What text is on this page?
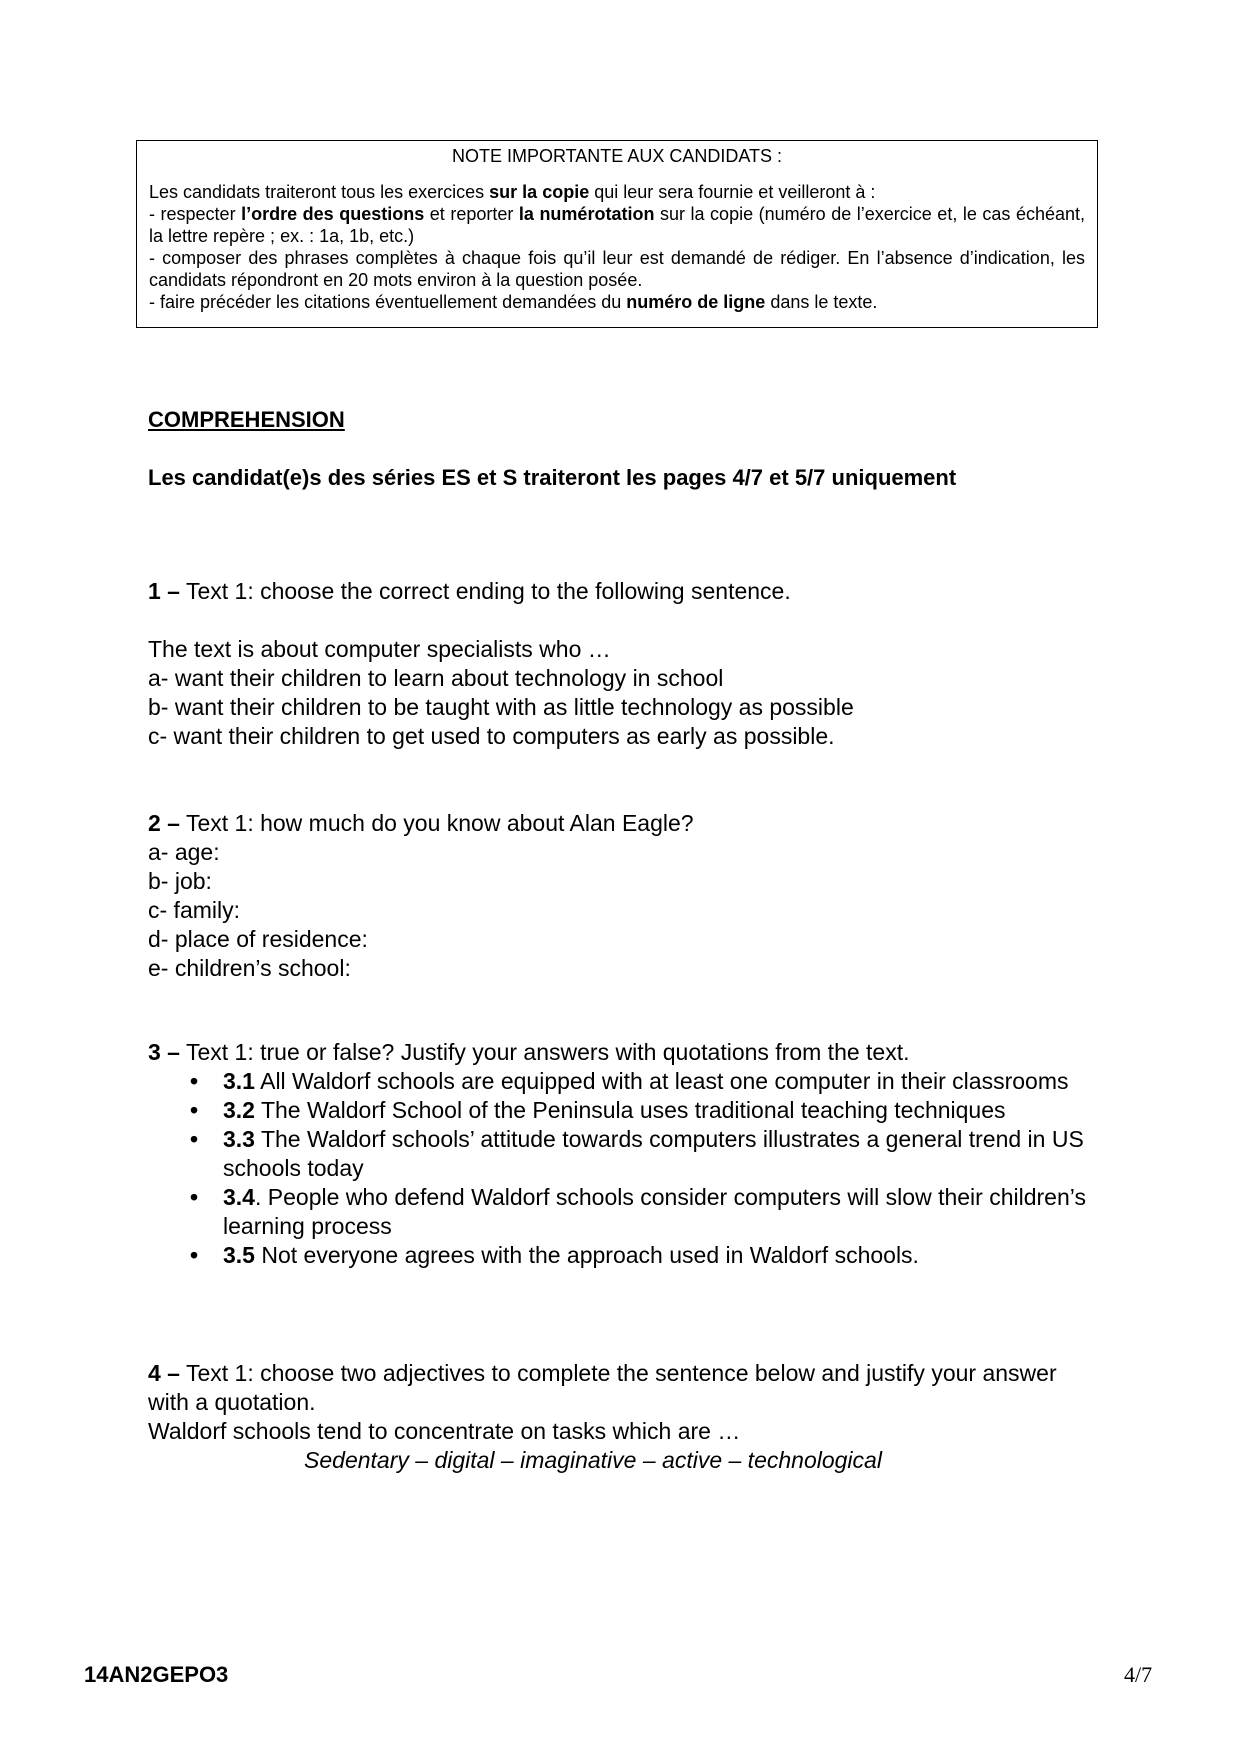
NOTE IMPORTANTE AUX CANDIDATS :
Les candidats traiteront tous les exercices sur la copie qui leur sera fournie et veilleront à :
- respecter l’ordre des questions et reporter la numérotation sur la copie (numéro de l’exercice et, le cas échéant, la lettre repère ; ex. : 1a, 1b, etc.)
- composer des phrases complètes à chaque fois qu’il leur est demandé de rédiger. En l’absence d’indication, les candidats répondront en 20 mots environ à la question posée.
- faire précéder les citations éventuellement demandées du numéro de ligne dans le texte.
COMPREHENSION
Les candidat(e)s des séries ES et S traiteront les pages 4/7 et 5/7 uniquement
1 – Text 1: choose the correct ending to the following sentence.
The text is about computer specialists who …
a- want their children to learn about technology in school
b- want their children to be taught with as little technology as possible
c- want their children to get used to computers as early as possible.
2 – Text 1: how much do you know about Alan Eagle?
a- age:
b- job:
c- family:
d- place of residence:
e- children’s school:
3 – Text 1: true or false? Justify your answers with quotations from the text.
• 3.1 All Waldorf schools are equipped with at least one computer in their classrooms
• 3.2 The Waldorf School of the Peninsula uses traditional teaching techniques
• 3.3 The Waldorf schools’ attitude towards computers illustrates a general trend in US schools today
• 3.4. People who defend Waldorf schools consider computers will slow their children’s learning process
• 3.5 Not everyone agrees with the approach used in Waldorf schools.
4 – Text 1: choose two adjectives to complete the sentence below and justify your answer with a quotation.
Waldorf schools tend to concentrate on tasks which are …
Sedentary – digital – imaginative – active – technological
14AN2GEPO3	4/7
